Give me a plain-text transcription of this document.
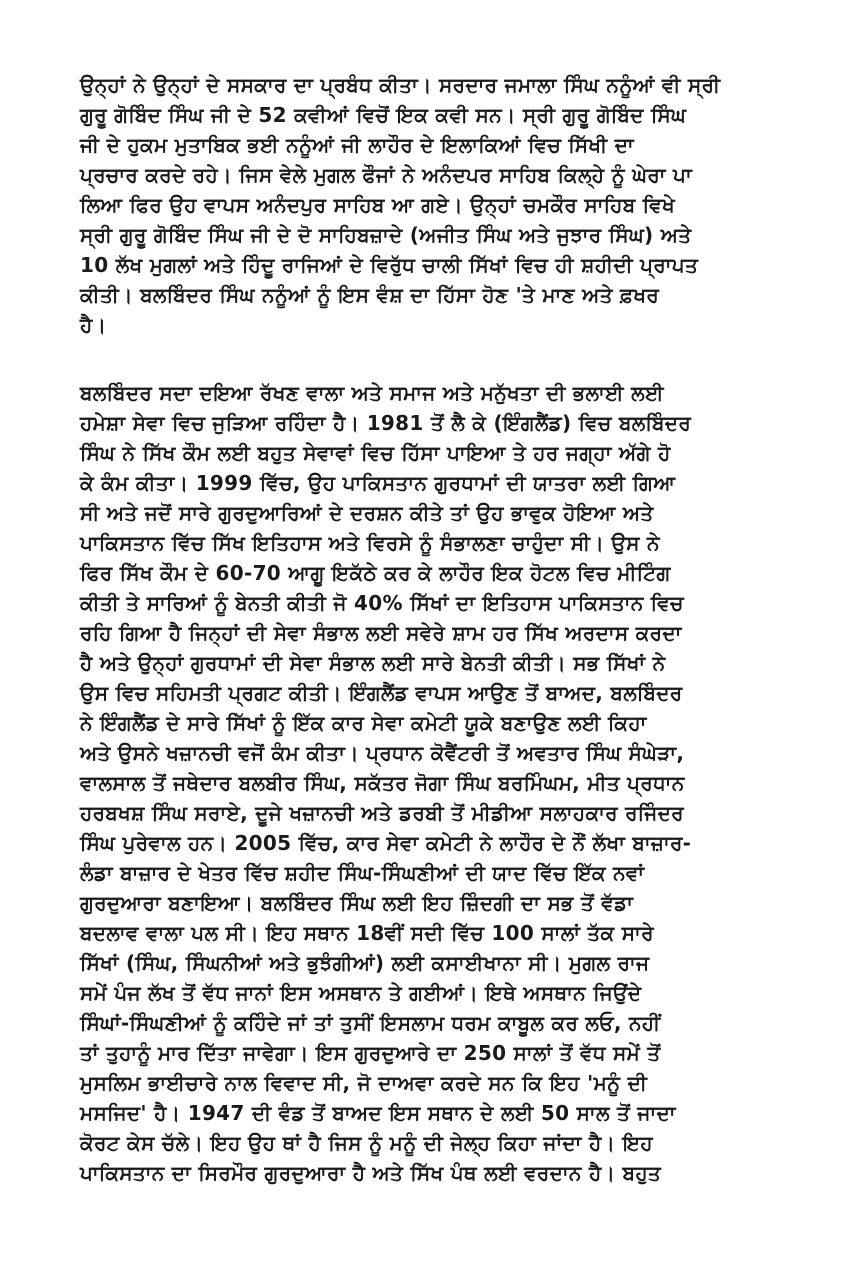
ਉਨ੍ਹਾਂ ਨੇ ਉਨ੍ਹਾਂ ਦੇ ਸਸਕਾਰ ਦਾ ਪ੍ਰਬੰਧ ਕੀਤਾ। ਸਰਦਾਰ ਜਮਾਲਾ ਸਿੰਘ ਨਨੂੰਆਂ ਵੀ ਸ੍ਰੀ
ਗੁਰੂ ਗੋਬਿੰਦ ਸਿੰਘ ਜੀ ਦੇ 52 ਕਵੀਆਂ ਵਿਚੋਂ ਇਕ ਕਵੀ ਸਨ। ਸ੍ਰੀ ਗੁਰੂ ਗੋਬਿੰਦ ਸਿੰਘ
ਜੀ ਦੇ ਹੁਕਮ ਮੁਤਾਬਿਕ ਭਈ ਨਨੂੰਆਂ ਜੀ ਲਾਹੌਰ ਦੇ ਇਲਾਕਿਆਂ ਵਿਚ ਸਿੱਖੀ ਦਾ
ਪ੍ਰਚਾਰ ਕਰਦੇ ਰਹੇ। ਜਿਸ ਵੇਲੇ ਮੁਗਲ ਫੌਜਾਂ ਨੇ ਅਨੰਦਪਰ ਸਾਹਿਬ ਕਿਲ੍ਹੇ ਨੂੰ ਘੇਰਾ ਪਾ
ਲਿਆ ਫਿਰ ਉਹ ਵਾਪਸ ਅਨੰਦਪੁਰ ਸਾਹਿਬ ਆ ਗਏ। ਉਨ੍ਹਾਂ ਚਮਕੌਰ ਸਾਹਿਬ ਵਿਖੇ
ਸ੍ਰੀ ਗੁਰੂ ਗੋਬਿੰਦ ਸਿੰਘ ਜੀ ਦੇ ਦੋ ਸਾਹਿਬਜ਼ਾਦੇ (ਅਜੀਤ ਸਿੰਘ ਅਤੇ ਜੁਝਾਰ ਸਿੰਘ) ਅਤੇ
10 ਲੱਖ ਮੁਗਲਾਂ ਅਤੇ ਹਿੰਦੂ ਰਾਜਿਆਂ ਦੇ ਵਿਰੁੱਧ ਚਾਲੀ ਸਿੱਖਾਂ ਵਿਚ ਹੀ ਸ਼ਹੀਦੀ ਪ੍ਰਾਪਤ
ਕੀਤੀ। ਬਲਬਿੰਦਰ ਸਿੰਘ ਨਨੂੰਆਂ ਨੂੰ ਇਸ ਵੰਸ਼ ਦਾ ਹਿੱਸਾ ਹੋਣ 'ਤੇ ਮਾਣ ਅਤੇ ਫ਼ਖਰ
ਹੈ।
ਬਲਬਿੰਦਰ ਸਦਾ ਦਇਆ ਰੱਖਣ ਵਾਲਾ ਅਤੇ ਸਮਾਜ ਅਤੇ ਮਨੁੱਖਤਾ ਦੀ ਭਲਾਈ ਲਈ
ਹਮੇਸ਼ਾ ਸੇਵਾ ਵਿਚ ਜੁੜਿਆ ਰਹਿੰਦਾ ਹੈ। 1981 ਤੋਂ ਲੈ ਕੇ (ਇੰਗਲੈਂਡ) ਵਿਚ ਬਲਬਿੰਦਰ
ਸਿੰਘ ਨੇ ਸਿੱਖ ਕੌਮ ਲਈ ਬਹੁਤ ਸੇਵਾਵਾਂ ਵਿਚ ਹਿੱਸਾ ਪਾਇਆ ਤੇ ਹਰ ਜਗ੍ਹਾ ਅੱਗੇ ਹੋ
ਕੇ ਕੰਮ ਕੀਤਾ। 1999 ਵਿੱਚ, ਉਹ ਪਾਕਿਸਤਾਨ ਗੁਰਧਾਮਾਂ ਦੀ ਯਾਤਰਾ ਲਈ ਗਿਆ
ਸੀ ਅਤੇ ਜਦੋਂ ਸਾਰੇ ਗੁਰਦੁਆਰਿਆਂ ਦੇ ਦਰਸ਼ਨ ਕੀਤੇ ਤਾਂ ਉਹ ਭਾਵੁਕ ਹੋਇਆ ਅਤੇ
ਪਾਕਿਸਤਾਨ ਵਿੱਚ ਸਿੱਖ ਇਤਿਹਾਸ ਅਤੇ ਵਿਰਸੇ ਨੂੰ ਸੰਭਾਲਣਾ ਚਾਹੁੰਦਾ ਸੀ। ਉਸ ਨੇ
ਫਿਰ ਸਿੱਖ ਕੌਮ ਦੇ 60-70 ਆਗੂ ਇਕੱਠੇ ਕਰ ਕੇ ਲਾਹੌਰ ਇਕ ਹੋਟਲ ਵਿਚ ਮੀਟਿੰਗ
ਕੀਤੀ ਤੇ ਸਾਰਿਆਂ ਨੂੰ ਬੇਨਤੀ ਕੀਤੀ ਜੋ 40% ਸਿੱਖਾਂ ਦਾ ਇਤਿਹਾਸ ਪਾਕਿਸਤਾਨ ਵਿਚ
ਰਹਿ ਗਿਆ ਹੈ ਜਿਨ੍ਹਾਂ ਦੀ ਸੇਵਾ ਸੰਭਾਲ ਲਈ ਸਵੇਰੇ ਸ਼ਾਮ ਹਰ ਸਿੱਖ ਅਰਦਾਸ ਕਰਦਾ
ਹੈ ਅਤੇ ਉਨ੍ਹਾਂ ਗੁਰਧਾਮਾਂ ਦੀ ਸੇਵਾ ਸੰਭਾਲ ਲਈ ਸਾਰੇ ਬੇਨਤੀ ਕੀਤੀ। ਸਭ ਸਿੱਖਾਂ ਨੇ
ਉਸ ਵਿਚ ਸਹਿਮਤੀ ਪ੍ਰਗਟ ਕੀਤੀ। ਇੰਗਲੈਂਡ ਵਾਪਸ ਆਉਣ ਤੋਂ ਬਾਅਦ, ਬਲਬਿੰਦਰ
ਨੇ ਇੰਗਲੈਂਡ ਦੇ ਸਾਰੇ ਸਿੱਖਾਂ ਨੂੰ ਇੱਕ ਕਾਰ ਸੇਵਾ ਕਮੇਟੀ ਯੂਕੇ ਬਣਾਉਣ ਲਈ ਕਿਹਾ
ਅਤੇ ਉਸਨੇ ਖਜ਼ਾਨਚੀ ਵਜੋਂ ਕੰਮ ਕੀਤਾ। ਪ੍ਰਧਾਨ ਕੋਵੈਂਟਰੀ ਤੋਂ ਅਵਤਾਰ ਸਿੰਘ ਸੰਘੇੜਾ,
ਵਾਲਸਾਲ ਤੋਂ ਜਥੇਦਾਰ ਬਲਬੀਰ ਸਿੰਘ, ਸਕੱਤਰ ਜੋਗਾ ਸਿੰਘ ਬਰਮਿੰਘਮ, ਮੀਤ ਪ੍ਰਧਾਨ
ਹਰਬਖਸ਼ ਸਿੰਘ ਸਰਾਏ, ਦੂਜੇ ਖਜ਼ਾਨਚੀ ਅਤੇ ਡਰਬੀ ਤੋਂ ਮੀਡੀਆ ਸਲਾਹਕਾਰ ਰਜਿੰਦਰ
ਸਿੰਘ ਪੁਰੇਵਾਲ ਹਨ। 2005 ਵਿੱਚ, ਕਾਰ ਸੇਵਾ ਕਮੇਟੀ ਨੇ ਲਾਹੌਰ ਦੇ ਨੌਂ ਲੱਖਾ ਬਾਜ਼ਾਰ-
ਲੰਡਾ ਬਾਜ਼ਾਰ ਦੇ ਖੇਤਰ ਵਿੱਚ ਸ਼ਹੀਦ ਸਿੰਘ-ਸਿੰਘਣੀਆਂ ਦੀ ਯਾਦ ਵਿੱਚ ਇੱਕ ਨਵਾਂ
ਗੁਰਦੁਆਰਾ ਬਣਾਇਆ। ਬਲਬਿੰਦਰ ਸਿੰਘ ਲਈ ਇਹ ਜ਼ਿੰਦਗੀ ਦਾ ਸਭ ਤੋਂ ਵੱਡਾ
ਬਦਲਾਵ ਵਾਲਾ ਪਲ ਸੀ। ਇਹ ਸਥਾਨ 18ਵੀਂ ਸਦੀ ਵਿੱਚ 100 ਸਾਲਾਂ ਤੱਕ ਸਾਰੇ
ਸਿੱਖਾਂ (ਸਿੰਘ, ਸਿੰਘਨੀਆਂ ਅਤੇ ਭੁਝੰਗੀਆਂ) ਲਈ ਕਸਾਈਖਾਨਾ ਸੀ। ਮੁਗਲ ਰਾਜ
ਸਮੇਂ ਪੰਜ ਲੱਖ ਤੋਂ ਵੱਧ ਜਾਨਾਂ ਇਸ ਅਸਥਾਨ ਤੇ ਗਈਆਂ। ਇਥੇ ਅਸਥਾਨ ਜਿਉਂਦੇ
ਸਿੰਘਾਂ-ਸਿੰਘਣੀਆਂ ਨੂੰ ਕਹਿੰਦੇ ਜਾਂ ਤਾਂ ਤੁਸੀਂ ਇਸਲਾਮ ਧਰਮ ਕਾਬੂਲ ਕਰ ਲਓ, ਨਹੀਂ
ਤਾਂ ਤੁਹਾਨੂੰ ਮਾਰ ਦਿੱਤਾ ਜਾਵੇਗਾ। ਇਸ ਗੁਰਦੁਆਰੇ ਦਾ 250 ਸਾਲਾਂ ਤੋਂ ਵੱਧ ਸਮੇਂ ਤੋਂ
ਮੁਸਲਿਮ ਭਾਈਚਾਰੇ ਨਾਲ ਵਿਵਾਦ ਸੀ, ਜੋ ਦਾਅਵਾ ਕਰਦੇ ਸਨ ਕਿ ਇਹ 'ਮਨੂੰ ਦੀ
ਮਸਜਿਦ' ਹੈ। 1947 ਦੀ ਵੰਡ ਤੋਂ ਬਾਅਦ ਇਸ ਸਥਾਨ ਦੇ ਲਈ 50 ਸਾਲ ਤੋਂ ਜਾਦਾ
ਕੋਰਟ ਕੇਸ ਚੱਲੇ। ਇਹ ਉਹ ਥਾਂ ਹੈ ਜਿਸ ਨੂੰ ਮਨੂੰ ਦੀ ਜੇਲ੍ਹ ਕਿਹਾ ਜਾਂਦਾ ਹੈ। ਇਹ
ਪਾਕਿਸਤਾਨ ਦਾ ਸਿਰਮੌਰ ਗੁਰਦੁਆਰਾ ਹੈ ਅਤੇ ਸਿੱਖ ਪੰਥ ਲਈ ਵਰਦਾਨ ਹੈ। ਬਹੁਤ
